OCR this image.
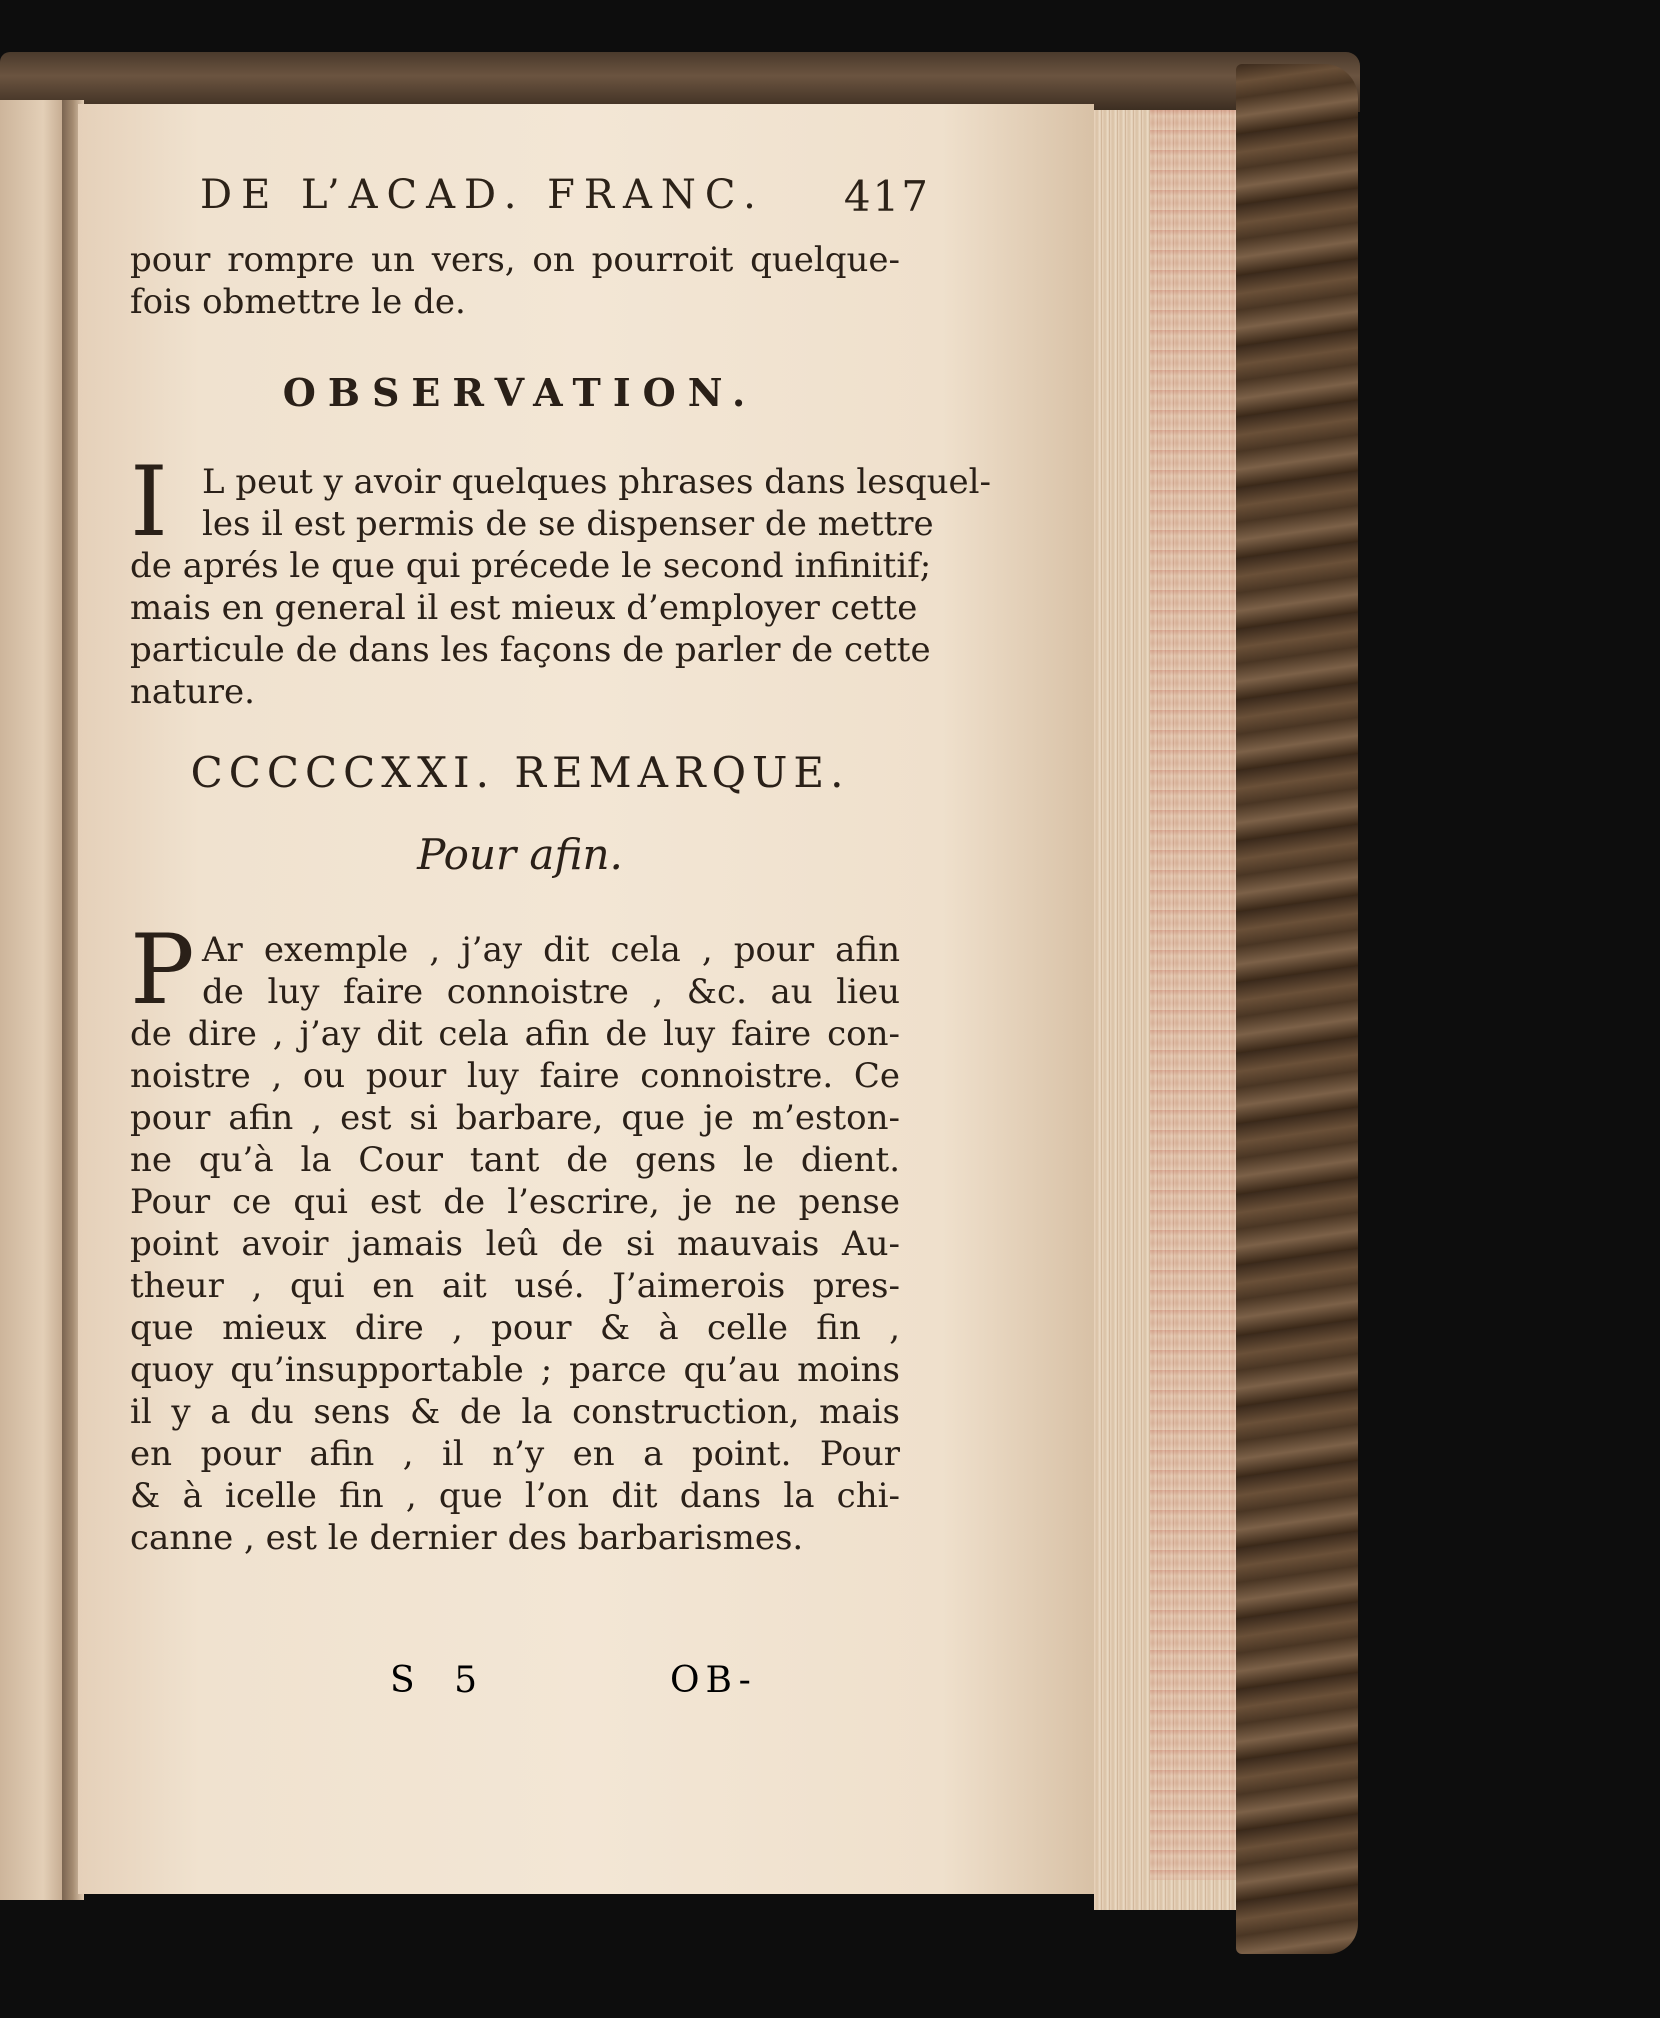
DE L’ACAD. FRANC. 417
pour rompre un vers, on pourroit quelque-
fois obmettre le de.
OBSERVATION.
I L peut y avoir quelques phrases dans lesquel-
les il est permis de se dispenser de mettre
de aprés le que qui précede le second infinitif;
mais en general il est mieux d’employer cette
particule de dans les façons de parler de cette
nature.
CCCCCXXI. REMARQUE.
Pour afin.
P Ar exemple , j’ay dit cela , pour afin
de luy faire connoistre , &c. au lieu
de dire , j’ay dit cela afin de luy faire con-
noistre , ou pour luy faire connoistre. Ce
pour afin , est si barbare, que je m’eston-
ne qu’à la Cour tant de gens le dient.
Pour ce qui est de l’escrire, je ne pense
point avoir jamais leû de si mauvais Au-
theur , qui en ait usé. J’aimerois pres-
que mieux dire , pour & à celle fin ,
quoy qu’insupportable ; parce qu’au moins
il y a du sens & de la construction, mais
en pour afin , il n’y en a point. Pour
& à icelle fin , que l’on dit dans la chi-
canne , est le dernier des barbarismes.
S 5	OB-
